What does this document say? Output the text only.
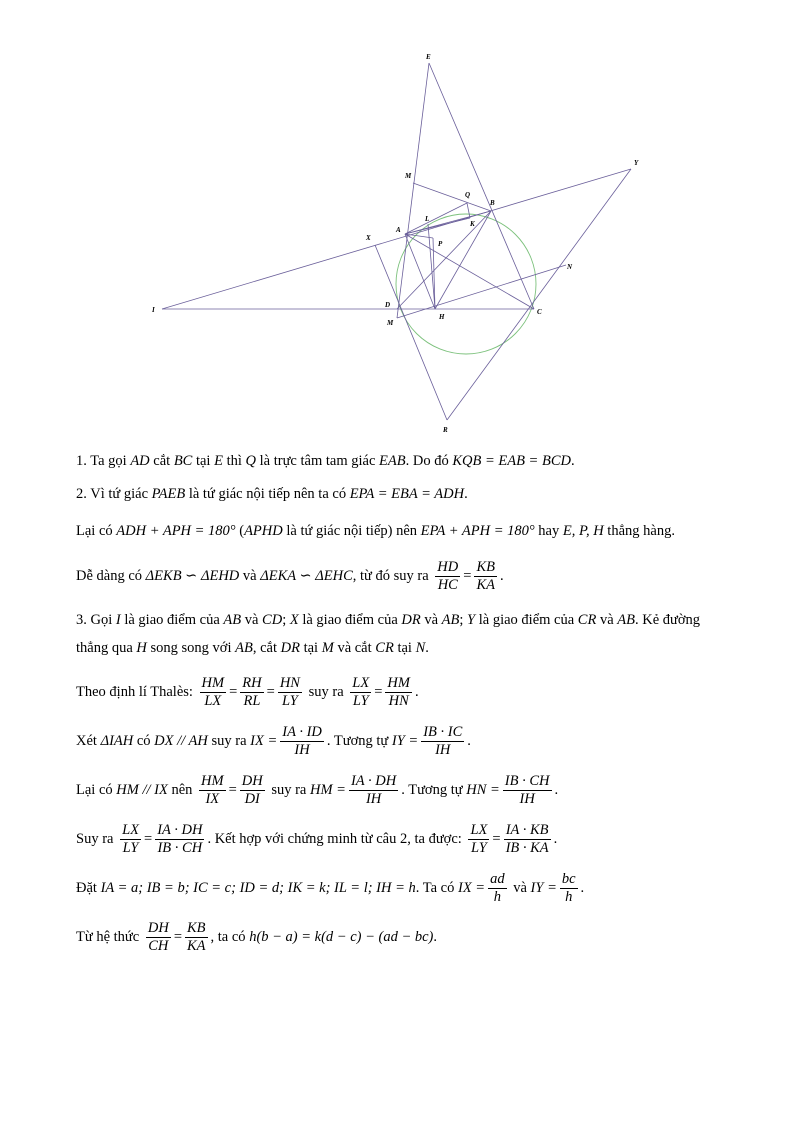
E
Y
M
Q
B
K
L
A
X
P
N
I
D
H
C
M
R
1. Ta gọi AD cắt BC tại E thì Q là trực tâm tam giác EAB. Do đó KQB = EAB = BCD.
2. Vì tứ giác PAEB là tứ giác nội tiếp nên ta có EPA = EBA = ADH.
Lại có ADH + APH = 180° (APHD là tứ giác nội tiếp) nên EPA + APH = 180° hay E, P, H thẳng hàng.
Dễ dàng có ΔEKB ∽ ΔEHD và ΔEKA ∽ ΔEHC, từ đó suy ra $\frac{HD}{HC} = \frac{KB}{KA}$ .
3. Gọi I là giao điểm của AB và CD; X là giao điểm của DR và AB; Y là giao điểm của CR và AB. Kẻ đường thẳng qua H song song với AB, cắt DR tại M và cắt CR tại N.
Theo định lí Thalès: $\frac{HM}{LX} = \frac{RH}{RL} = \frac{HN}{LY}$ suy ra $\frac{LX}{LY} = \frac{HM}{HN}$ .
Xét ΔIAH có DX // AH suy ra IX = $\frac{IA \cdot ID}{IH}$ . Tương tự IY = $\frac{IB \cdot IC}{IH}$ .
Lại có HM // IX nên $\frac{HM}{IX} = \frac{DH}{DI}$ suy ra HM = $\frac{IA \cdot DH}{IH}$ . Tương tự HN = $\frac{IB \cdot CH}{IH}$ .
Suy ra $\frac{LX}{LY} = \frac{IA \cdot DH}{IB \cdot CH}$ . Kết hợp với chứng minh từ câu 2, ta được: $\frac{LX}{LY} = \frac{IA \cdot KB}{IB \cdot KA}$ .
Đặt IA = a; IB = b; IC = c; ID = d; IK = k; IL = l; IH = h. Ta có IX = $\frac{ad}{h}$ và IY = $\frac{bc}{h}$ .
Từ hệ thức $\frac{DH}{CH} = \frac{KB}{KA}$ , ta có h(b − a) = k(d − c) − (ad − bc).
